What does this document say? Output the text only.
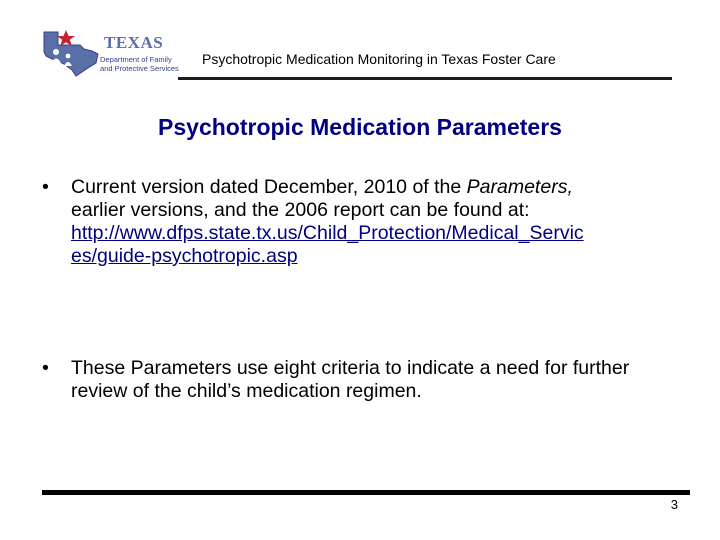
TEXAS
Department of Family
and Protective Services
Psychotropic Medication Monitoring in Texas Foster Care
Psychotropic Medication Parameters
• Current version dated December, 2010 of the Parameters,
earlier versions, and the 2006 report can be found at:
http://www.dfps.state.tx.us/Child_Protection/Medical_Servic
es/guide-psychotropic.asp
• These Parameters use eight criteria to indicate a need for further review of the child’s medication regimen.
3
